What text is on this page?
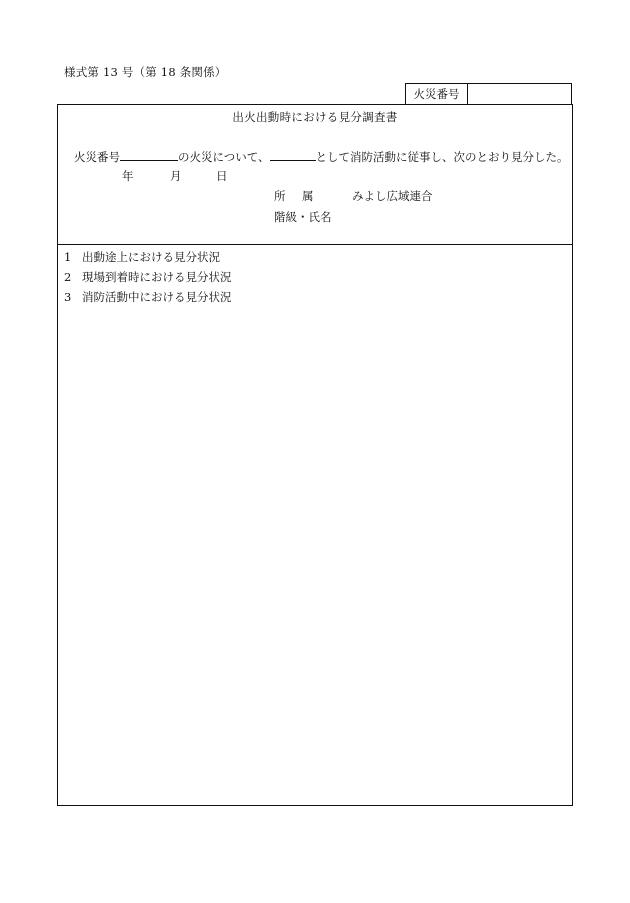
様式第 13 号（第 18 条関係）
火災番号
出火出動時における見分調査書
火災番号	の火災について、	として消防活動に従事し、次のとおり見分した。
年	月	日
所 属	みよし広域連合
階級・氏名
1 出動途上における見分状況
2 現場到着時における見分状況
3 消防活動中における見分状況
